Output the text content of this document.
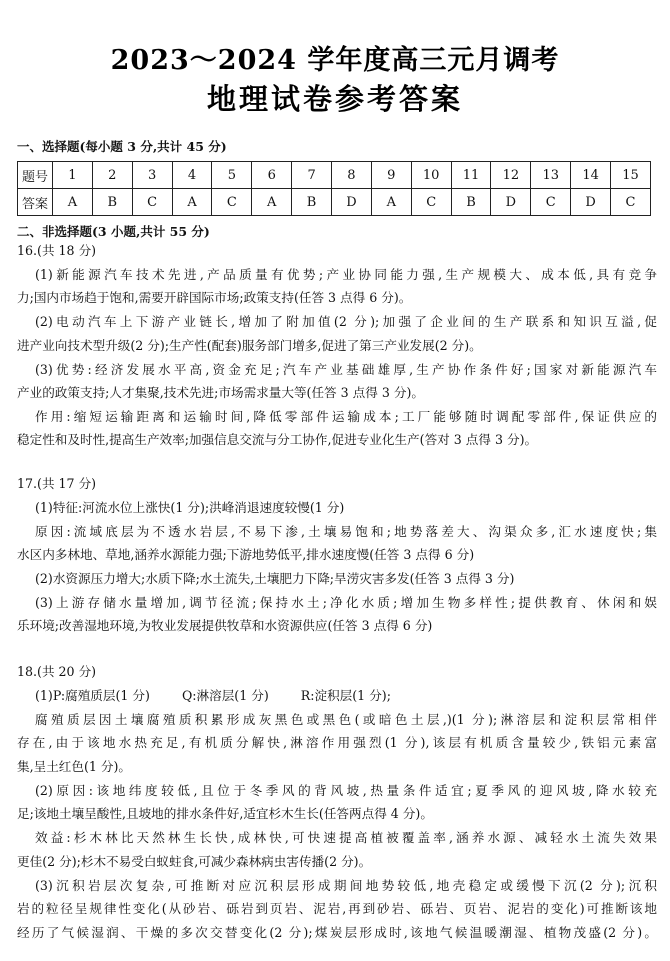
2023～2024 学年度高三元月调考
地理试卷参考答案
一、选择题(每小题 3 分,共计 45 分)
题号	1	2	3	4	5	6	7	8	9	10	11	12	13	14	15
答案	A	B	C	A	C	A	B	D	A	C	B	D	C	D	C
二、非选择题(3 小题,共计 55 分)
16.(共 18 分)
(1)新能源汽车技术先进,产品质量有优势;产业协同能力强,生产规模大、成本低,具有竞争
力;国内市场趋于饱和,需要开辟国际市场;政策支持(任答 3 点得 6 分)。
(2)电动汽车上下游产业链长,增加了附加值(2 分);加强了企业间的生产联系和知识互溢,促
进产业向技术型升级(2 分);生产性(配套)服务部门增多,促进了第三产业发展(2 分)。
(3)优势:经济发展水平高,资金充足;汽车产业基础雄厚,生产协作条件好;国家对新能源汽车
产业的政策支持;人才集聚,技术先进;市场需求量大等(任答 3 点得 3 分)。
作用:缩短运输距离和运输时间,降低零部件运输成本;工厂能够随时调配零部件,保证供应的
稳定性和及时性,提高生产效率;加强信息交流与分工协作,促进专业化生产(答对 3 点得 3 分)。
17.(共 17 分)
(1)特征:河流水位上涨快(1 分);洪峰消退速度较慢(1 分)
原因:流域底层为不透水岩层,不易下渗,土壤易饱和;地势落差大、沟渠众多,汇水速度快;集
水区内多林地、草地,涵养水源能力强;下游地势低平,排水速度慢(任答 3 点得 6 分)
(2)水资源压力增大;水质下降;水土流失,土壤肥力下降;旱涝灾害多发(任答 3 点得 3 分)
(3)上游存储水量增加,调节径流;保持水土;净化水质;增加生物多样性;提供教育、休闲和娱
乐环境;改善湿地环境,为牧业发展提供牧草和水资源供应(任答 3 点得 6 分)
18.(共 20 分)
(1)P:腐殖质层(1 分)        Q:淋溶层(1 分)        R:淀积层(1 分);
腐殖质层因土壤腐殖质积累形成灰黑色或黑色(或暗色土层,)(1 分);淋溶层和淀积层常相伴
存在,由于该地水热充足,有机质分解快,淋溶作用强烈(1 分),该层有机质含量较少,铁铝元素富
集,呈土红色(1 分)。
(2)原因:该地纬度较低,且位于冬季风的背风坡,热量条件适宜;夏季风的迎风坡,降水较充
足;该地土壤呈酸性,且坡地的排水条件好,适宜杉木生长(任答两点得 4 分)。
效益:杉木林比天然林生长快,成林快,可快速提高植被覆盖率,涵养水源、减轻水土流失效果
更佳(2 分);杉木不易受白蚁蛀食,可减少森林病虫害传播(2 分)。
(3)沉积岩层次复杂,可推断对应沉积层形成期间地势较低,地壳稳定或缓慢下沉(2 分);沉积
岩的粒径呈规律性变化(从砂岩、砾岩到页岩、泥岩,再到砂岩、砾岩、页岩、泥岩的变化)可推断该地
经历了气候湿润、干燥的多次交替变化(2 分);煤炭层形成时,该地气候温暖潮湿、植物茂盛(2 分)。
